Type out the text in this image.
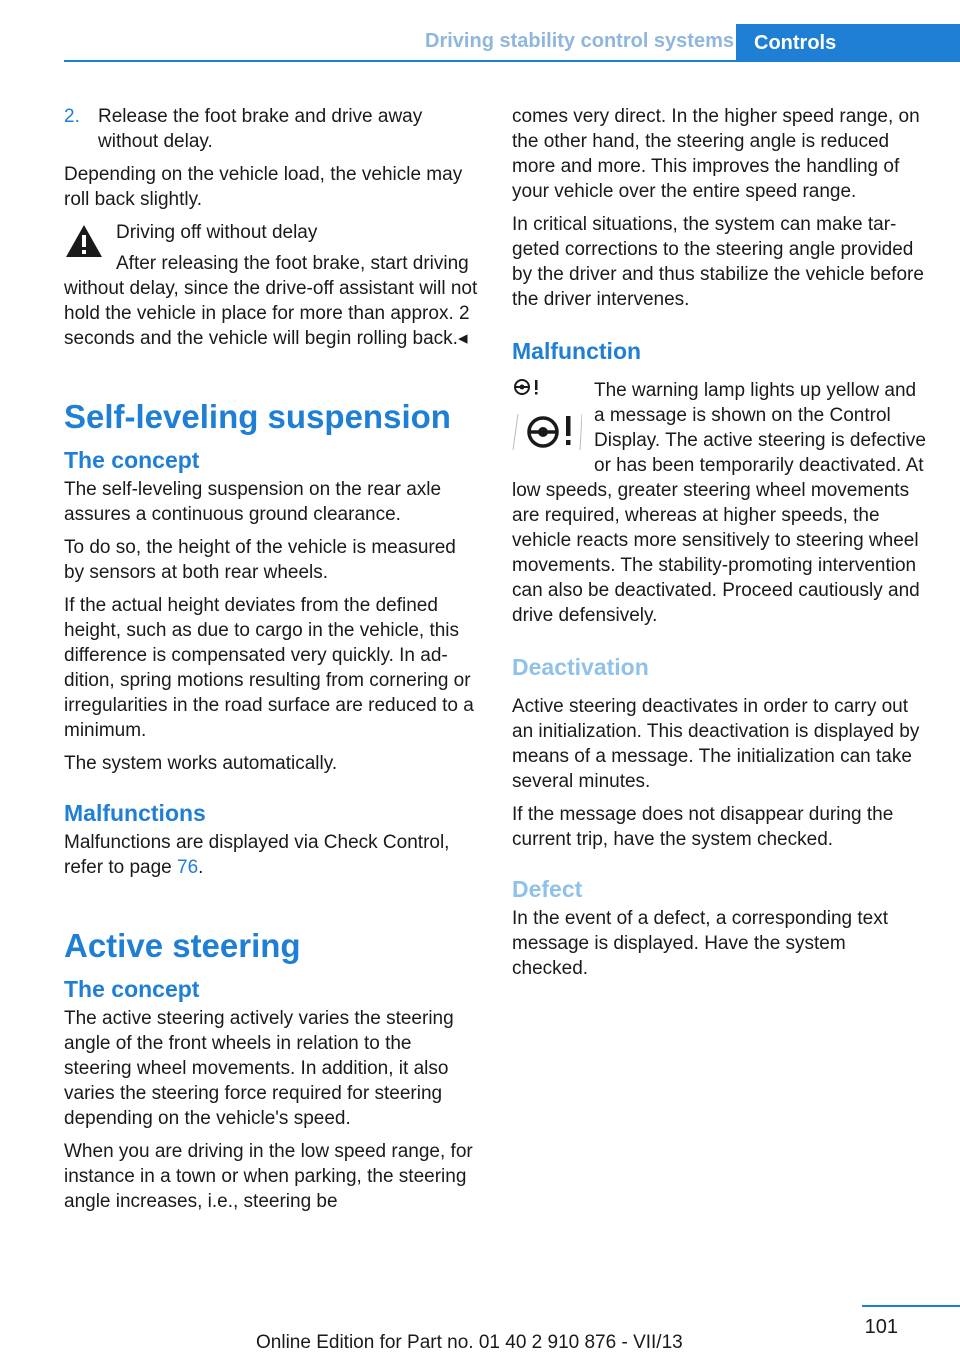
Driving stability control systems	Controls
2. Release the foot brake and drive away without delay.

Depending on the vehicle load, the vehicle may roll back slightly.

Driving off without delay

After releasing the foot brake, start driving without delay, since the drive-off assistant will not hold the vehicle in place for more than approx. 2 seconds and the vehicle will begin rolling back.◂

Self-leveling suspension
The concept

The self-leveling suspension on the rear axle assures a continuous ground clearance.

To do so, the height of the vehicle is measured by sensors at both rear wheels.

If the actual height deviates from the defined height, such as due to cargo in the vehicle, this difference is compensated very quickly. In addition, spring motions resulting from cornering or irregularities in the road surface are reduced to a minimum.

The system works automatically.

Malfunctions

Malfunctions are displayed via Check Control, refer to page 76.

Active steering
The concept

The active steering actively varies the steering angle of the front wheels in relation to the steering wheel movements. In addition, it also varies the steering force required for steering depending on the vehicle's speed.

When you are driving in the low speed range, for instance in a town or when parking, the steering angle increases, i.e., steering be

comes very direct. In the higher speed range, on the other hand, the steering angle is reduced more and more. This improves the handling of your vehicle over the entire speed range.

In critical situations, the system can make targeted corrections to the steering angle provided by the driver and thus stabilize the vehicle before the driver intervenes.

Malfunction

The warning lamp lights up yellow and a message is shown on the Control Display. The active steering is defective or has been temporarily deactivated. At low speeds, greater steering wheel movements are required, whereas at higher speeds, the vehicle reacts more sensitively to steering wheel movements. The stability-promoting intervention can also be deactivated. Proceed cautiously and drive defensively.

Deactivation

Active steering deactivates in order to carry out an initialization. This deactivation is displayed by means of a message. The initialization can take several minutes.

If the message does not disappear during the current trip, have the system checked.

Defect

In the event of a defect, a corresponding text message is displayed. Have the system checked.

101
Online Edition for Part no. 01 40 2 910 876 - VII/13
